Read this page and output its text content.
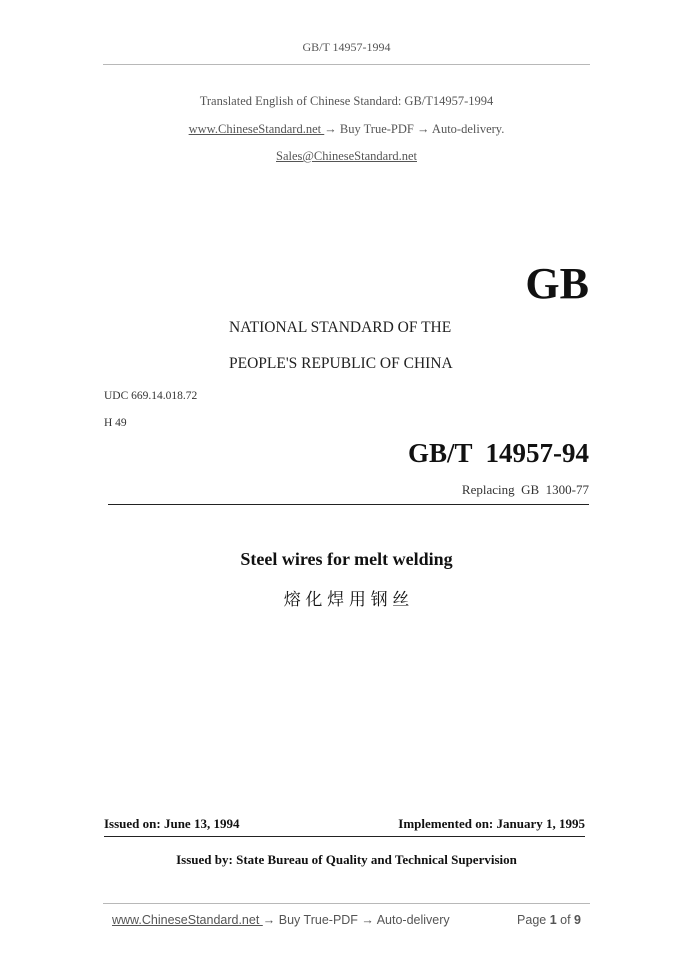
GB/T 14957-1994
Translated English of Chinese Standard: GB/T14957-1994
www.ChineseStandard.net → Buy True-PDF → Auto-delivery.
Sales@ChineseStandard.net
GB
NATIONAL STANDARD OF THE
PEOPLE'S REPUBLIC OF CHINA
UDC 669.14.018.72
H 49
GB/T  14957-94
Replacing  GB  1300-77
Steel wires for melt welding
熔 化 焊 用 钢 丝
Issued on: June 13, 1994	Implemented on: January 1, 1995
Issued by: State Bureau of Quality and Technical Supervision
www.ChineseStandard.net → Buy True-PDF → Auto-delivery	Page 1 of 9
